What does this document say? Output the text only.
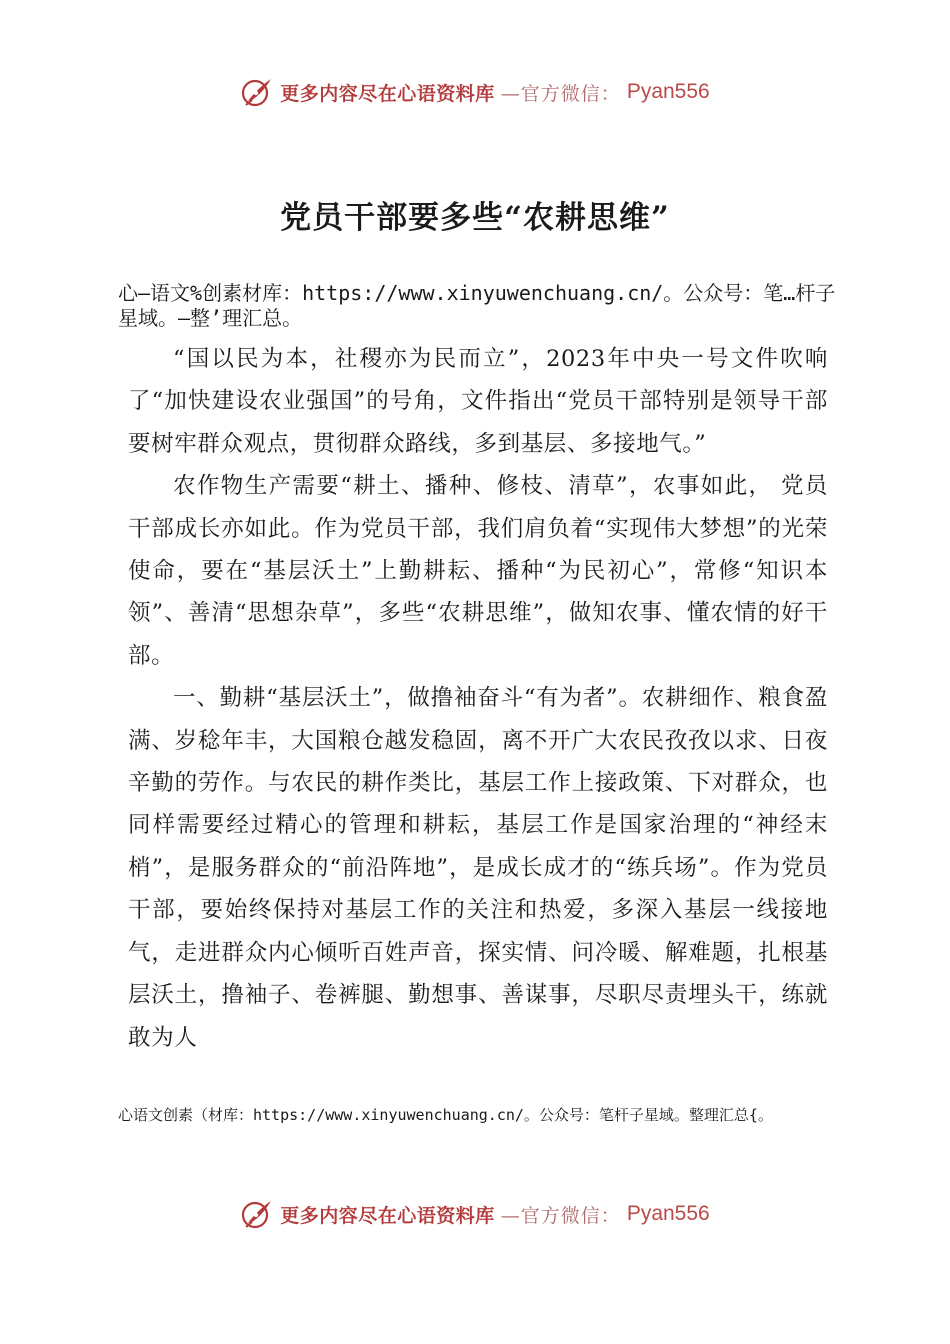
更多内容尽在心语资料库 —官方微信： Pyan556
党员干部要多些“农耕思维”
心—语文%创素材库：https://www.xinyuwenchuang.cn/。公众号：笔…杆子星域。—整’理汇总。

“国以民为本，社稷亦为民而立”，2023年中央一号文件吹响了“加快建设农业强国”的号角，文件指出“党员干部特别是领导干部要树牢群众观点，贯彻群众路线，多到基层、多接地气。”

农作物生产需要“耕土、播种、修枝、清草”，农事如此， 党员干部成长亦如此。作为党员干部，我们肩负着“实现伟大梦想”的光荣使命，要在“基层沃土”上勤耕耘、播种“为民初心”，常修“知识本领”、善清“思想杂草”，多些“农耕思维”，做知农事、懂农情的好干部。

一、勤耕“基层沃土”，做撸袖奋斗“有为者”。农耕细作、粮食盈满、岁稔年丰，大国粮仓越发稳固，离不开广大农民孜孜以求、日夜辛勤的劳作。与农民的耕作类比，基层工作上接政策、下对群众，也同样需要经过精心的管理和耕耘，基层工作是国家治理的“神经末梢”，是服务群众的“前沿阵地”，是成长成才的“练兵场”。作为党员干部，要始终保持对基层工作的关注和热爱，多深入基层一线接地气，走进群众内心倾听百姓声音，探实情、问冷暖、解难题，扎根基层沃土，撸袖子、卷裤腿、勤想事、善谋事，尽职尽责埋头干，练就敢为人

心语文创素（材库：https://www.xinyuwenchuang.cn/。公众号：笔杆子星域。整理汇总{。
更多内容尽在心语资料库 —官方微信： Pyan556
